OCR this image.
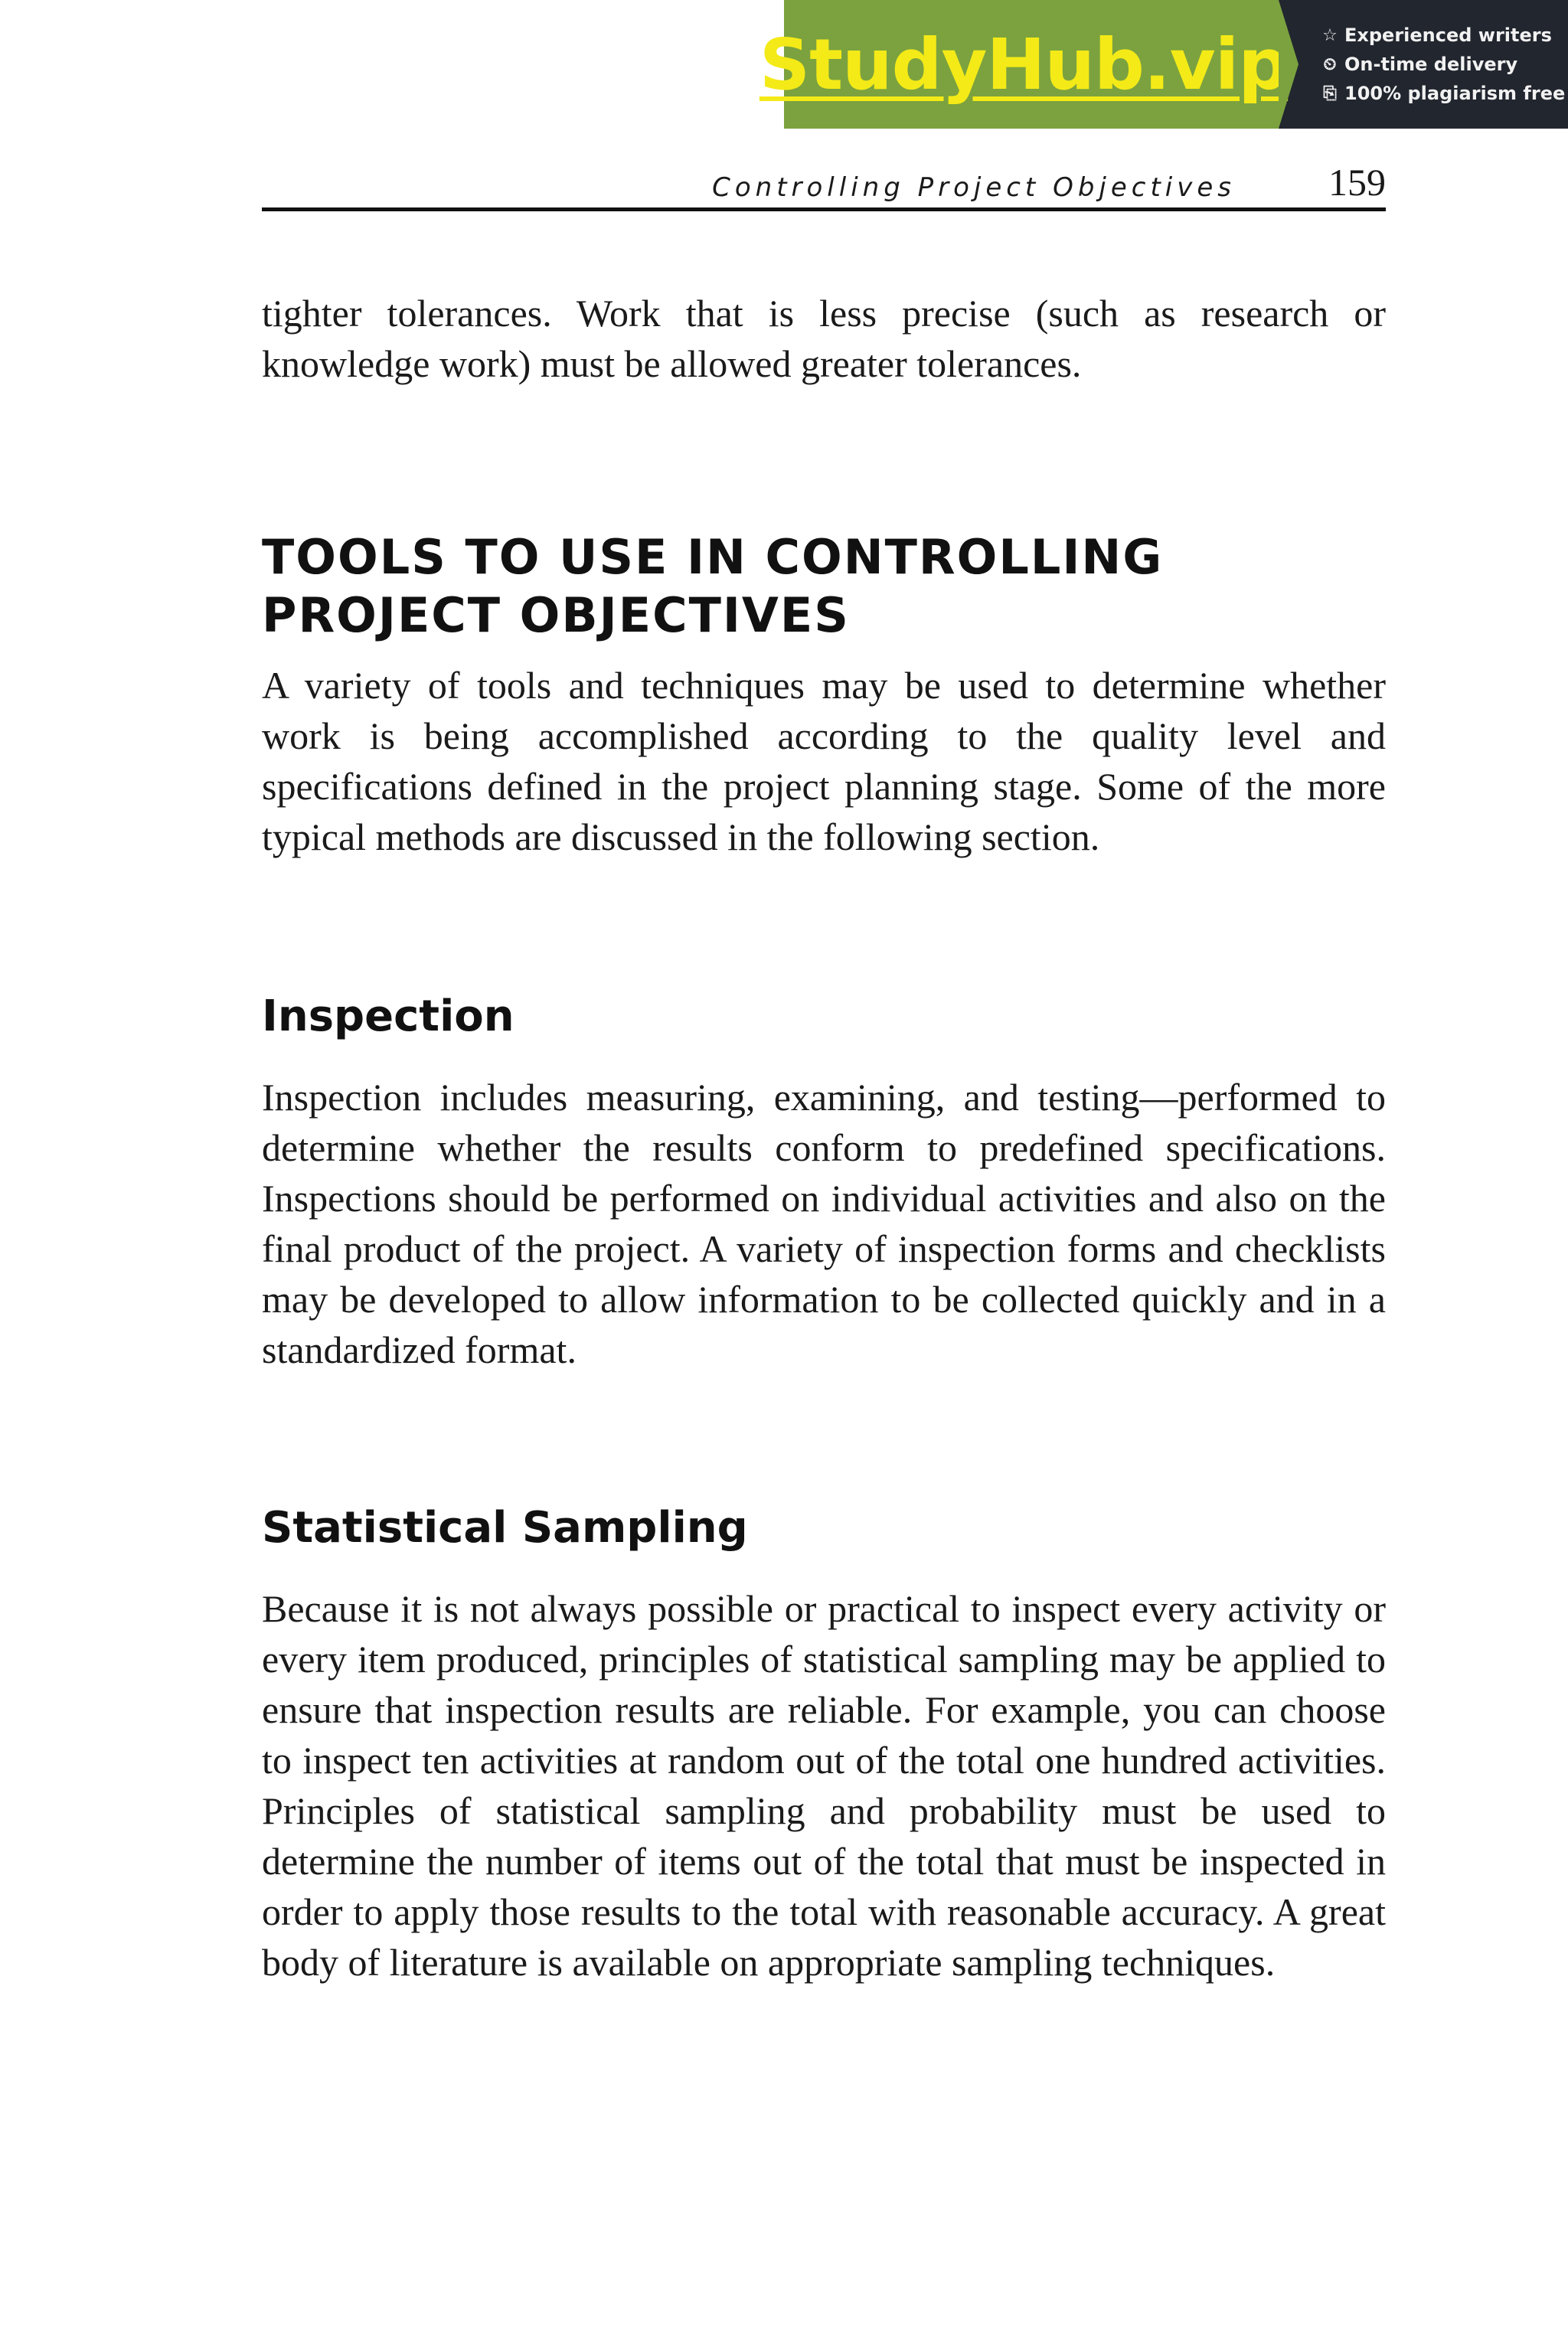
StudyHub.vip ☆ Experienced writers
⏲ On-time delivery
⎘ 100% plagiarism free
Controlling Project Objectives 159

tighter tolerances. Work that is less precise (such as research or knowledge work) must be allowed greater tolerances.

TOOLS TO USE IN CONTROLLING PROJECT OBJECTIVES

A variety of tools and techniques may be used to determine whether work is being accomplished according to the quality level and specifications defined in the project planning stage. Some of the more typical methods are discussed in the following section.

Inspection

Inspection includes measuring, examining, and testing—performed to determine whether the results conform to predefined specifications. Inspections should be performed on individual activities and also on the final product of the project. A variety of inspection forms and checklists may be developed to allow information to be collected quickly and in a standardized format.

Statistical Sampling

Because it is not always possible or practical to inspect every activity or every item produced, principles of statistical sampling may be applied to ensure that inspection results are reliable. For example, you can choose to inspect ten activities at random out of the total one hundred activities. Principles of statistical sampling and probability must be used to determine the number of items out of the total that must be inspected in order to apply those results to the total with reasonable accuracy. A great body of literature is available on appropriate sampling techniques.
